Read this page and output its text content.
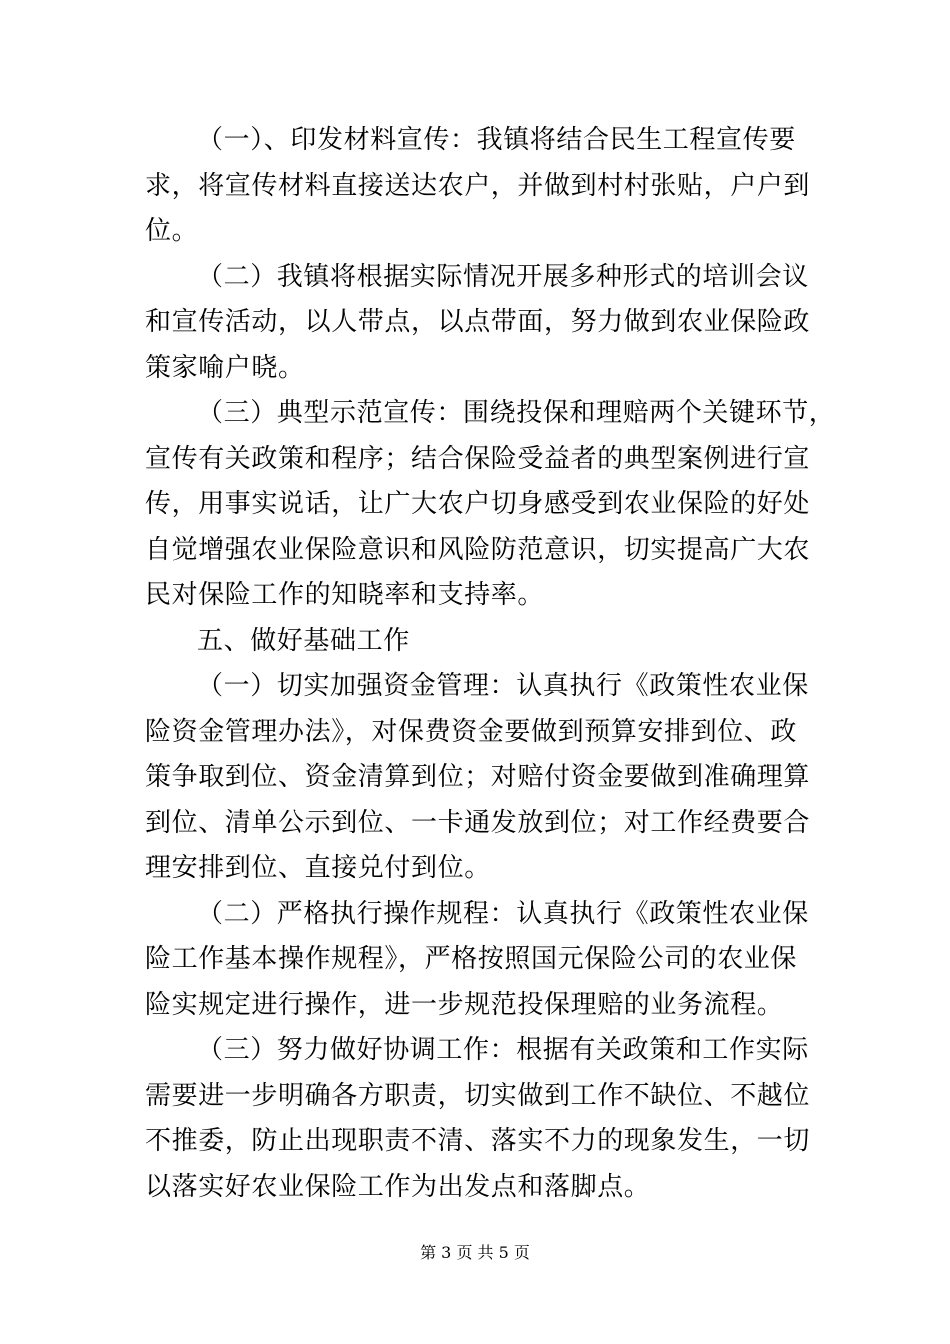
（一）、印发材料宣传：我镇将结合民生工程宣传要
求，将宣传材料直接送达农户，并做到村村张贴，户户到
位。
（二）我镇将根据实际情况开展多种形式的培训会议
和宣传活动，以人带点，以点带面，努力做到农业保险政
策家喻户晓。
（三）典型示范宣传：围绕投保和理赔两个关键环节，
宣传有关政策和程序；结合保险受益者的典型案例进行宣
传，用事实说话，让广大农户切身感受到农业保险的好处
自觉增强农业保险意识和风险防范意识，切实提高广大农
民对保险工作的知晓率和支持率。
五、做好基础工作
（一）切实加强资金管理：认真执行《政策性农业保
险资金管理办法》，对保费资金要做到预算安排到位、政
策争取到位、资金清算到位；对赔付资金要做到准确理算
到位、清单公示到位、一卡通发放到位；对工作经费要合
理安排到位、直接兑付到位。
（二）严格执行操作规程：认真执行《政策性农业保
险工作基本操作规程》，严格按照国元保险公司的农业保
险实规定进行操作，进一步规范投保理赔的业务流程。
（三）努力做好协调工作：根据有关政策和工作实际
需要进一步明确各方职责，切实做到工作不缺位、不越位
不推委，防止出现职责不清、落实不力的现象发生，一切
以落实好农业保险工作为出发点和落脚点。
第 3 页 共 5 页
